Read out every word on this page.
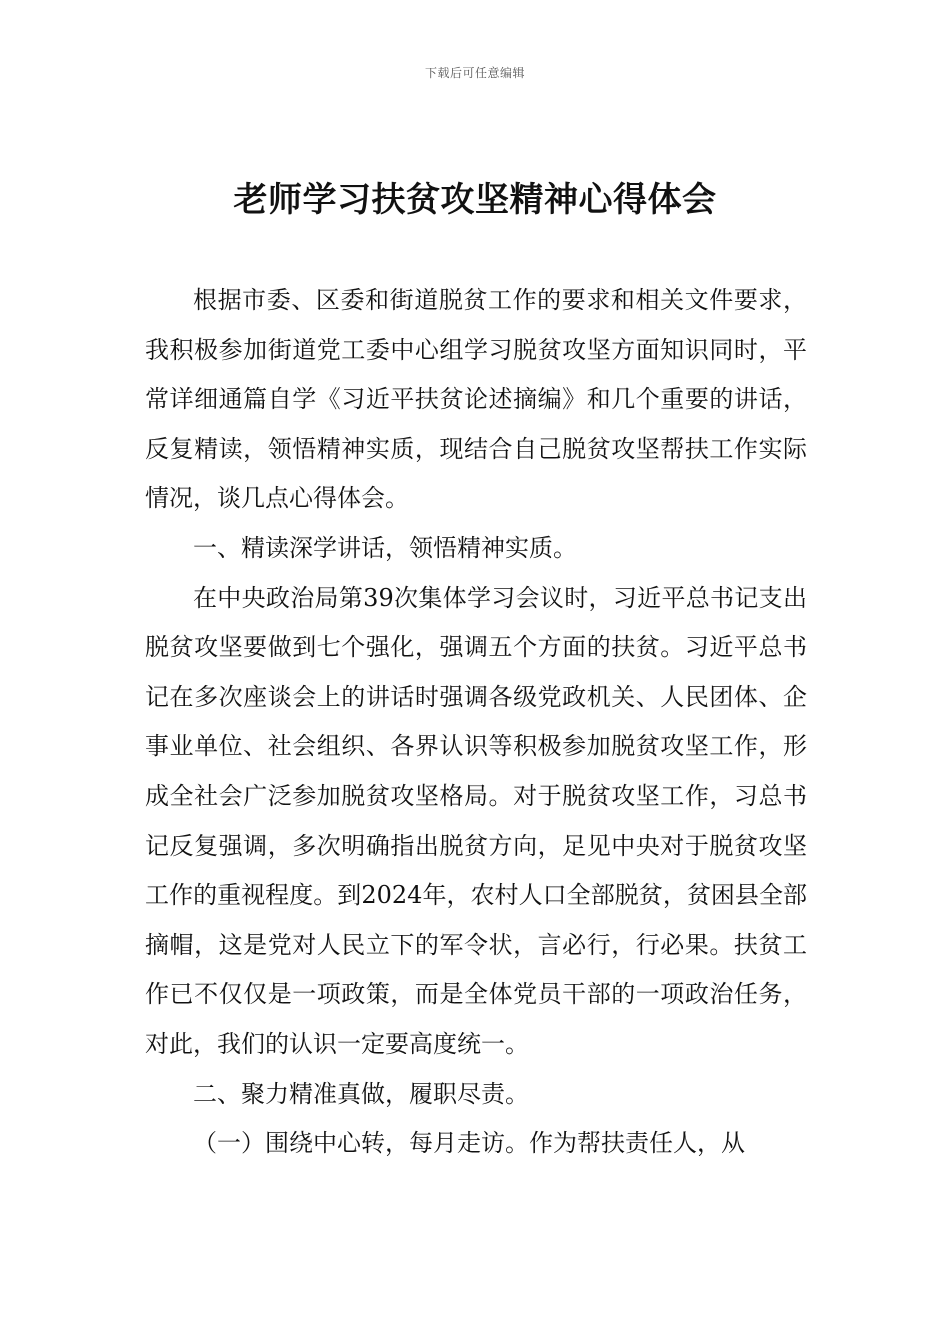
下载后可任意编辑
老师学习扶贫攻坚精神心得体会

根据市委、区委和街道脱贫工作的要求和相关文件要求，我积极参加街道党工委中心组学习脱贫攻坚方面知识同时，平常详细通篇自学《习近平扶贫论述摘编》和几个重要的讲话，反复精读，领悟精神实质，现结合自己脱贫攻坚帮扶工作实际情况，谈几点心得体会。

一、精读深学讲话，领悟精神实质。

在中央政治局第39次集体学习会议时，习近平总书记支出脱贫攻坚要做到七个强化，强调五个方面的扶贫。习近平总书记在多次座谈会上的讲话时强调各级党政机关、人民团体、企事业单位、社会组织、各界认识等积极参加脱贫攻坚工作，形成全社会广泛参加脱贫攻坚格局。对于脱贫攻坚工作，习总书记反复强调，多次明确指出脱贫方向，足见中央对于脱贫攻坚工作的重视程度。到2024年，农村人口全部脱贫，贫困县全部摘帽，这是党对人民立下的军令状，言必行，行必果。扶贫工作已不仅仅是一项政策，而是全体党员干部的一项政治任务，对此，我们的认识一定要高度统一。

二、聚力精准真做，履职尽责。

（一）围绕中心转，每月走访。作为帮扶责任人，从
